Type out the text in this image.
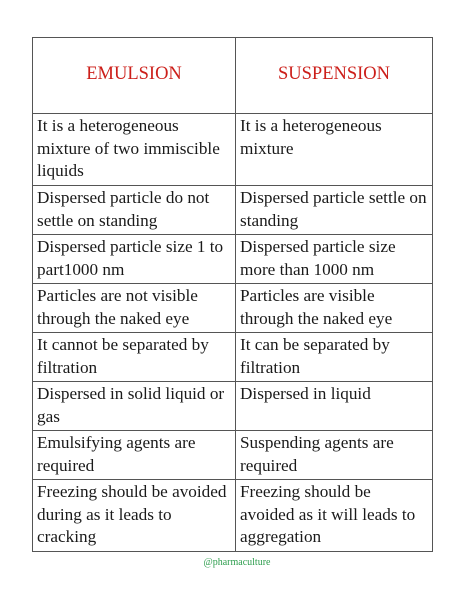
EMULSION	SUSPENSION
It is a heterogeneous mixture of two immiscible liquids	It is a heterogeneous mixture
Dispersed particle do not settle on standing	Dispersed particle settle on standing
Dispersed particle size 1 to part1000 nm	Dispersed particle size more than 1000 nm
Particles are not visible through the naked eye	Particles are visible through the naked eye
It cannot be separated by filtration	It can be separated by filtration
Dispersed in solid liquid or gas	Dispersed in liquid
Emulsifying agents are required	Suspending agents are required
Freezing should be avoided during as it leads to cracking	Freezing should be avoided as it will leads to aggregation
@pharmaculture
